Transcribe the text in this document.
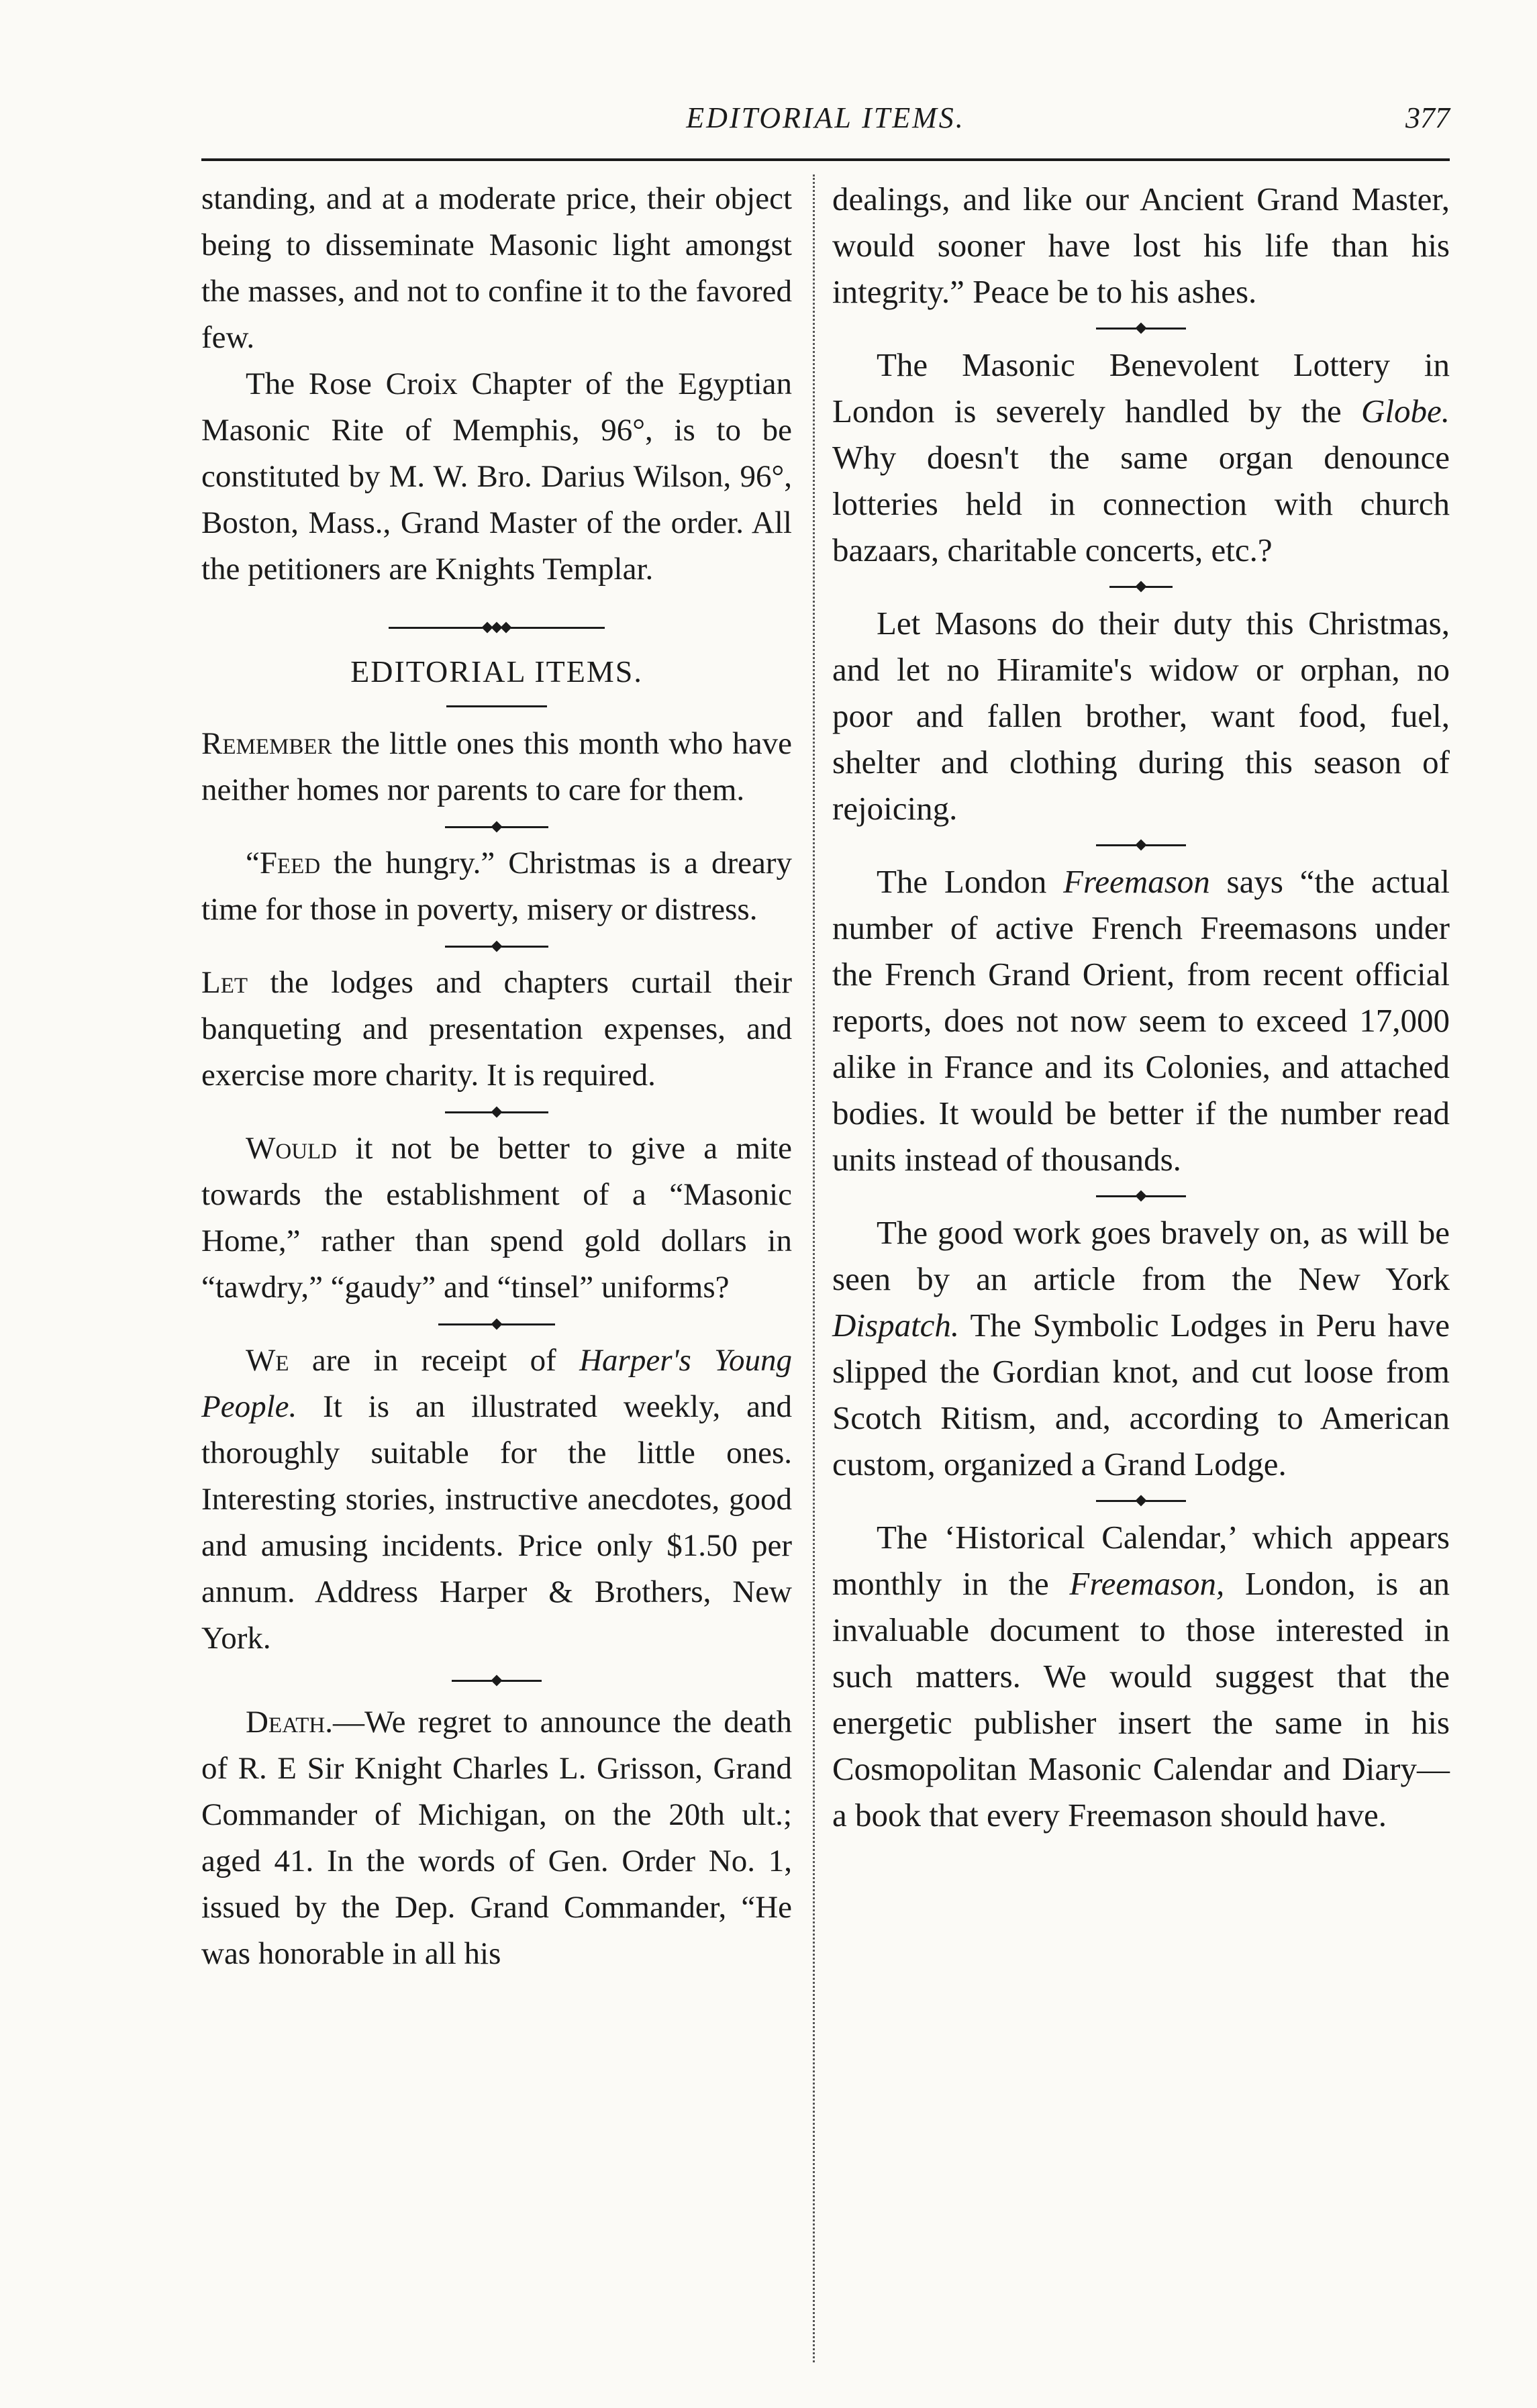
EDITORIAL ITEMS.	377

standing, and at a moderate price, their object being to disseminate Masonic light amongst the masses, and not to confine it to the favored few.

The Rose Croix Chapter of the Egyptian Masonic Rite of Memphis, 96°, is to be constituted by M. W. Bro. Darius Wilson, 96°, Boston, Mass., Grand Master of the order. All the petitioners are Knights Templar.

EDITORIAL ITEMS.

Remember the little ones this month who have neither homes nor parents to care for them.

“Feed the hungry.” Christmas is a dreary time for those in poverty, misery or distress.

Let the lodges and chapters curtail their banqueting and presentation expenses, and exercise more charity. It is required.

Would it not be better to give a mite towards the establishment of a “Masonic Home,” rather than spend gold dollars in “tawdry,” “gaudy” and “tinsel” uniforms?

We are in receipt of Harper's Young People. It is an illustrated weekly, and thoroughly suitable for the little ones. Interesting stories, instructive anecdotes, good and amusing incidents. Price only $1.50 per annum. Address Harper & Brothers, New York.

Death.—We regret to announce the death of R. E Sir Knight Charles L. Grisson, Grand Commander of Michigan, on the 20th ult.; aged 41. In the words of Gen. Order No. 1, issued by the Dep. Grand Commander, “He was honorable in all his

dealings, and like our Ancient Grand Master, would sooner have lost his life than his integrity.” Peace be to his ashes.

The Masonic Benevolent Lottery in London is severely handled by the Globe. Why doesn't the same organ denounce lotteries held in connection with church bazaars, charitable concerts, etc.?

Let Masons do their duty this Christmas, and let no Hiramite's widow or orphan, no poor and fallen brother, want food, fuel, shelter and clothing during this season of rejoicing.

The London Freemason says “the actual number of active French Freemasons under the French Grand Orient, from recent official reports, does not now seem to exceed 17,000 alike in France and its Colonies, and attached bodies. It would be better if the number read units instead of thousands.

The good work goes bravely on, as will be seen by an article from the New York Dispatch. The Symbolic Lodges in Peru have slipped the Gordian knot, and cut loose from Scotch Ritism, and, according to American custom, organized a Grand Lodge.

The ‘Historical Calendar,’ which appears monthly in the Freemason, London, is an invaluable document to those interested in such matters. We would suggest that the energetic publisher insert the same in his Cosmopolitan Masonic Calendar and Diary—a book that every Freemason should have.
